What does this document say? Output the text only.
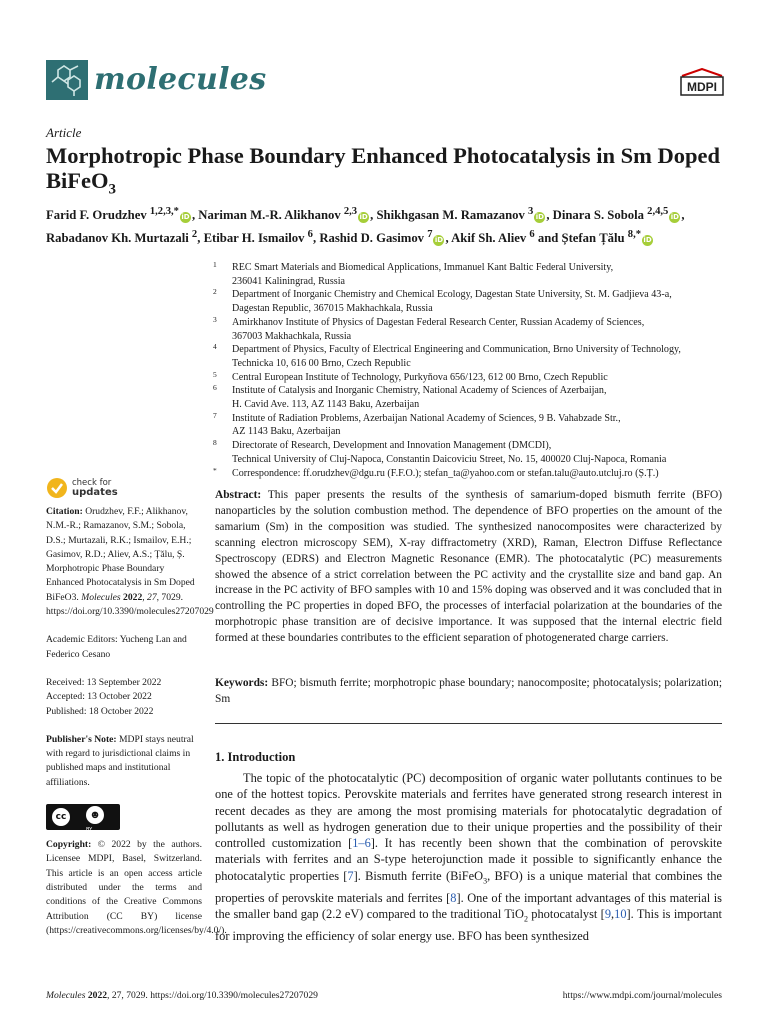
molecules	MDPI
Article
Morphotropic Phase Boundary Enhanced Photocatalysis in Sm Doped BiFeO$_3$
Farid F. Orudzhev $^{1,2,3,*}$iD , Nariman M.-R. Alikhanov $^{2,3}$iD , Shikhgasan M. Ramazanov $^3$iD , Dinara S. Sobola $^{2,4,5}$iD , Rabadanov Kh. Murtazali $^2$, Etibar H. Ismailov $^6$, Rashid D. Gasimov $^7$iD , Akif Sh. Aliev $^6$ and Ștefan Țălu $^{8,*}$iD
1 REC Smart Materials and Biomedical Applications, Immanuel Kant Baltic Federal University,
236041 Kaliningrad, Russia
2 Department of Inorganic Chemistry and Chemical Ecology, Dagestan State University, St. M. Gadjieva 43-a,
Dagestan Republic, 367015 Makhachkala, Russia
3 Amirkhanov Institute of Physics of Dagestan Federal Research Center, Russian Academy of Sciences,
367003 Makhachkala, Russia
4 Department of Physics, Faculty of Electrical Engineering and Communication, Brno University of Technology,
Technicka 10, 616 00 Brno, Czech Republic
5 Central European Institute of Technology, Purkyňova 656/123, 612 00 Brno, Czech Republic
6 Institute of Catalysis and Inorganic Chemistry, National Academy of Sciences of Azerbaijan,
H. Cavid Ave. 113, AZ 1143 Baku, Azerbaijan
7 Institute of Radiation Problems, Azerbaijan National Academy of Sciences, 9 B. Vahabzade Str.,
AZ 1143 Baku, Azerbaijan
8 Directorate of Research, Development and Innovation Management (DMCDI),
Technical University of Cluj-Napoca, Constantin Daicoviciu Street, No. 15, 400020 Cluj-Napoca, Romania
* Correspondence: ff.orudzhev@dgu.ru (F.F.O.); stefan_ta@yahoo.com or stefan.talu@auto.utcluj.ro (Ș.Ț.)
check for
updates
Citation: Orudzhev, F.F.; Alikhanov, N.M.-R.; Ramazanov, S.M.; Sobola, D.S.; Murtazali, R.K.; Ismailov, E.H.; Gasimov, R.D.; Aliev, A.S.; Țălu, Ș. Morphotropic Phase Boundary Enhanced Photocatalysis in Sm Doped BiFeO3. Molecules 2022, 27, 7029. https://doi.org/10.3390/molecules27207029
Academic Editors: Yucheng Lan and Federico Cesano
Received: 13 September 2022
Accepted: 13 October 2022
Published: 18 October 2022
Publisher's Note: MDPI stays neutral with regard to jurisdictional claims in published maps and institutional affiliations.
cc	☻
BY
Copyright: © 2022 by the authors. Licensee MDPI, Basel, Switzerland. This article is an open access article distributed under the terms and conditions of the Creative Commons Attribution (CC BY) license (https://creativecommons.org/licenses/by/4.0/).
Abstract: This paper presents the results of the synthesis of samarium-doped bismuth ferrite (BFO) nanoparticles by the solution combustion method. The dependence of BFO properties on the amount of the samarium (Sm) in the composition was studied. The synthesized nanocomposites were characterized by scanning electron microscopy SEM), X-ray diffractometry (XRD), Raman, Electron Diffuse Reflectance Spectroscopy (EDRS) and Electron Magnetic Resonance (EMR). The photocatalytic (PC) measurements showed the absence of a strict correlation between the PC activity and the crystallite size and band gap. An increase in the PC activity of BFO samples with 10 and 15% doping was observed and it was concluded that in controlling the PC properties in doped BFO, the processes of interfacial polarization at the boundaries of the morphotropic phase transition are of decisive importance. It was supposed that the internal electric field formed at these boundaries contributes to the efficient separation of photogenerated charge carriers.
Keywords: BFO; bismuth ferrite; morphotropic phase boundary; nanocomposite; photocatalysis; polarization; Sm
1. Introduction
The topic of the photocatalytic (PC) decomposition of organic water pollutants continues to be one of the hottest topics. Perovskite materials and ferrites have generated strong research interest in recent decades as they are among the most promising materials for photocatalytic degradation of pollutants as well as hydrogen generation due to their unique properties and the possibility of their controlled customization [1–6]. It has recently been shown that the combination of perovskite materials with ferrites and an S-type heterojunction made it possible to significantly enhance the photocatalytic properties [7]. Bismuth ferrite (BiFeO$_3$, BFO) is a unique material that combines the properties of perovskite materials and ferrites [8]. One of the important advantages of this material is the smaller band gap (2.2 eV) compared to the traditional TiO$_2$ photocatalyst [9,10]. This is important for improving the efficiency of solar energy use. BFO has been synthesized
Molecules 2022, 27, 7029. https://doi.org/10.3390/molecules27207029	https://www.mdpi.com/journal/molecules
